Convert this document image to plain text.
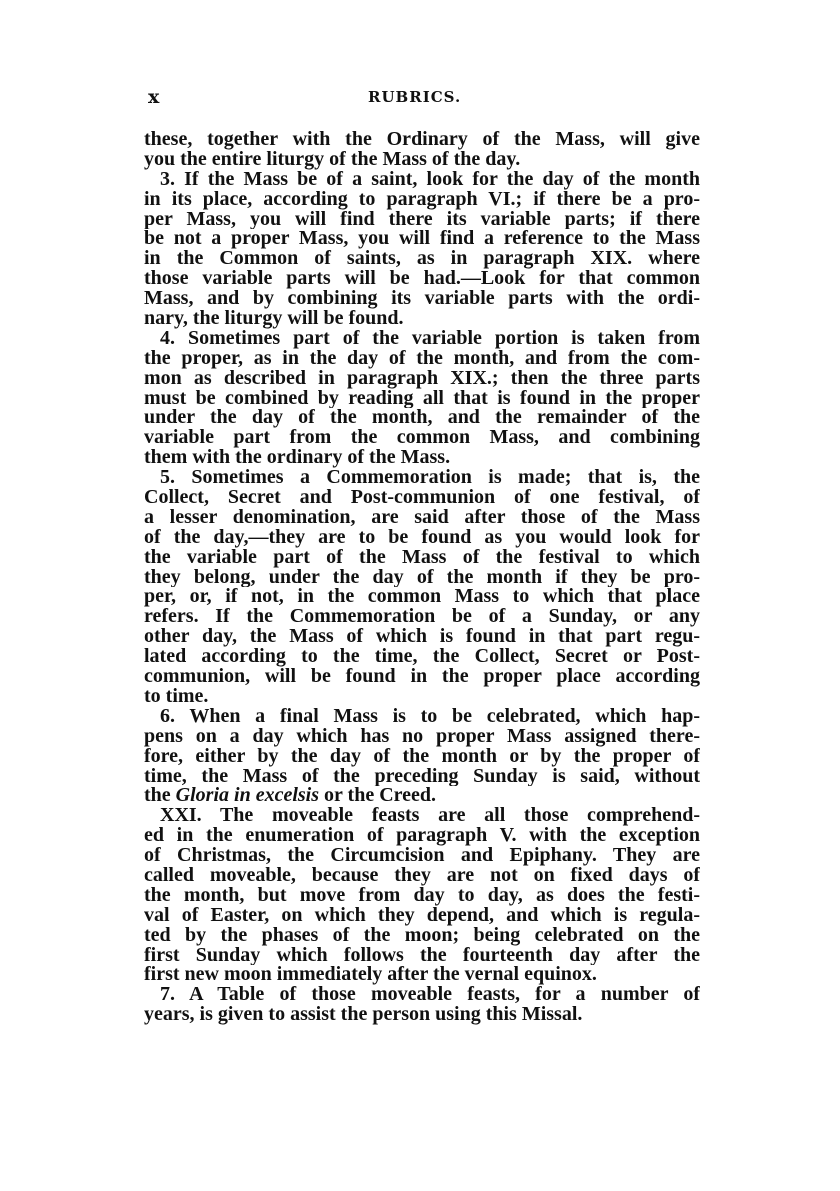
x	RUBRICS.
these, together with the Ordinary of the Mass, will give
you the entire liturgy of the Mass of the day.
3. If the Mass be of a saint, look for the day of the month
in its place, according to paragraph VI.; if there be a pro-
per Mass, you will find there its variable parts; if there
be not a proper Mass, you will find a reference to the Mass
in the Common of saints, as in paragraph XIX. where
those variable parts will be had.—Look for that common
Mass, and by combining its variable parts with the ordi-
nary, the liturgy will be found.
4. Sometimes part of the variable portion is taken from
the proper, as in the day of the month, and from the com-
mon as described in paragraph XIX.; then the three parts
must be combined by reading all that is found in the proper
under the day of the month, and the remainder of the
variable part from the common Mass, and combining
them with the ordinary of the Mass.
5. Sometimes a Commemoration is made; that is, the
Collect, Secret and Post-communion of one festival, of
a lesser denomination, are said after those of the Mass
of the day,—they are to be found as you would look for
the variable part of the Mass of the festival to which
they belong, under the day of the month if they be pro-
per, or, if not, in the common Mass to which that place
refers. If the Commemoration be of a Sunday, or any
other day, the Mass of which is found in that part regu-
lated according to the time, the Collect, Secret or Post-
communion, will be found in the proper place according
to time.
6. When a final Mass is to be celebrated, which hap-
pens on a day which has no proper Mass assigned there-
fore, either by the day of the month or by the proper of
time, the Mass of the preceding Sunday is said, without
the Gloria in excelsis or the Creed.
XXI. The moveable feasts are all those comprehend-
ed in the enumeration of paragraph V. with the exception
of Christmas, the Circumcision and Epiphany. They are
called moveable, because they are not on fixed days of
the month, but move from day to day, as does the festi-
val of Easter, on which they depend, and which is regula-
ted by the phases of the moon; being celebrated on the
first Sunday which follows the fourteenth day after the
first new moon immediately after the vernal equinox.
7. A Table of those moveable feasts, for a number of
years, is given to assist the person using this Missal.
